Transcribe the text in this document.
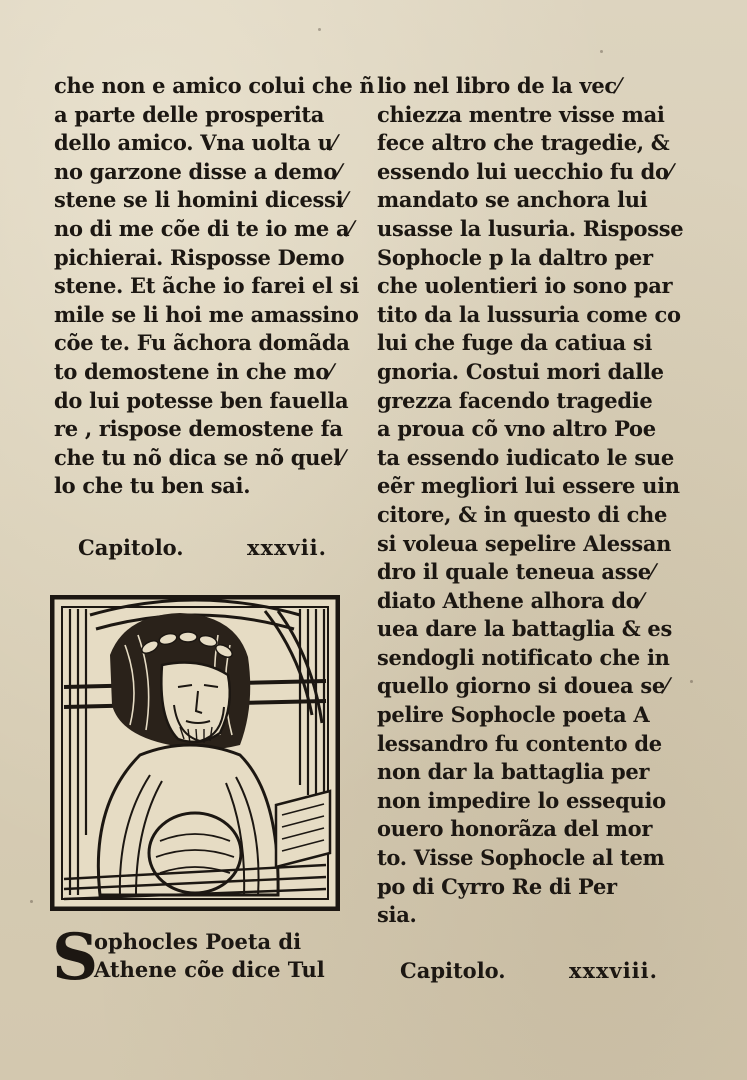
che non e amico colui che ñ
a parte delle prosperita
dello amico. Vna uolta u⁄
no garzone disse a demo⁄
stene se li homini dicessi⁄
no di me cõe di te io me a⁄
pichierai. Risposse Demo
stene. Et ãche io farei el si
mile se li hoi me amassino
cõe te. Fu ãchora domãda
to demostene in che mo⁄
do lui potesse ben fauella
re , rispose demostene fa
che tu nõ dica se nõ quel⁄
lo che tu ben sai.
Capitolo.	xxxvii.
S
ophocles Poeta di
Athene cõe dice Tul
lio nel libro de la vec⁄
chiezza mentre visse mai
fece altro che tragedie, &
essendo lui uecchio fu do⁄
mandato se anchora lui
usasse la lusuria. Risposse
Sophocle p la daltro per
che uolentieri io sono par
tito da la lussuria come co
lui che fuge da catiua si
gnoria. Costui mori dalle
grezza facendo tragedie
a proua cõ vno altro Poe
ta essendo iudicato le sue
eẽr megliori lui essere uin
citore, & in questo di che
si voleua sepelire Alessan
dro il quale teneua asse⁄
diato Athene alhora do⁄
uea dare la battaglia & es
sendogli notificato che in
quello giorno si douea se⁄
pelire Sophocle poeta A
lessandro fu contento de
non dar la battaglia per
non impedire lo essequio
ouero honorãza del mor
to. Visse Sophocle al tem
po di Cyrro Re di Per
sia.
Capitolo.	xxxviii.
